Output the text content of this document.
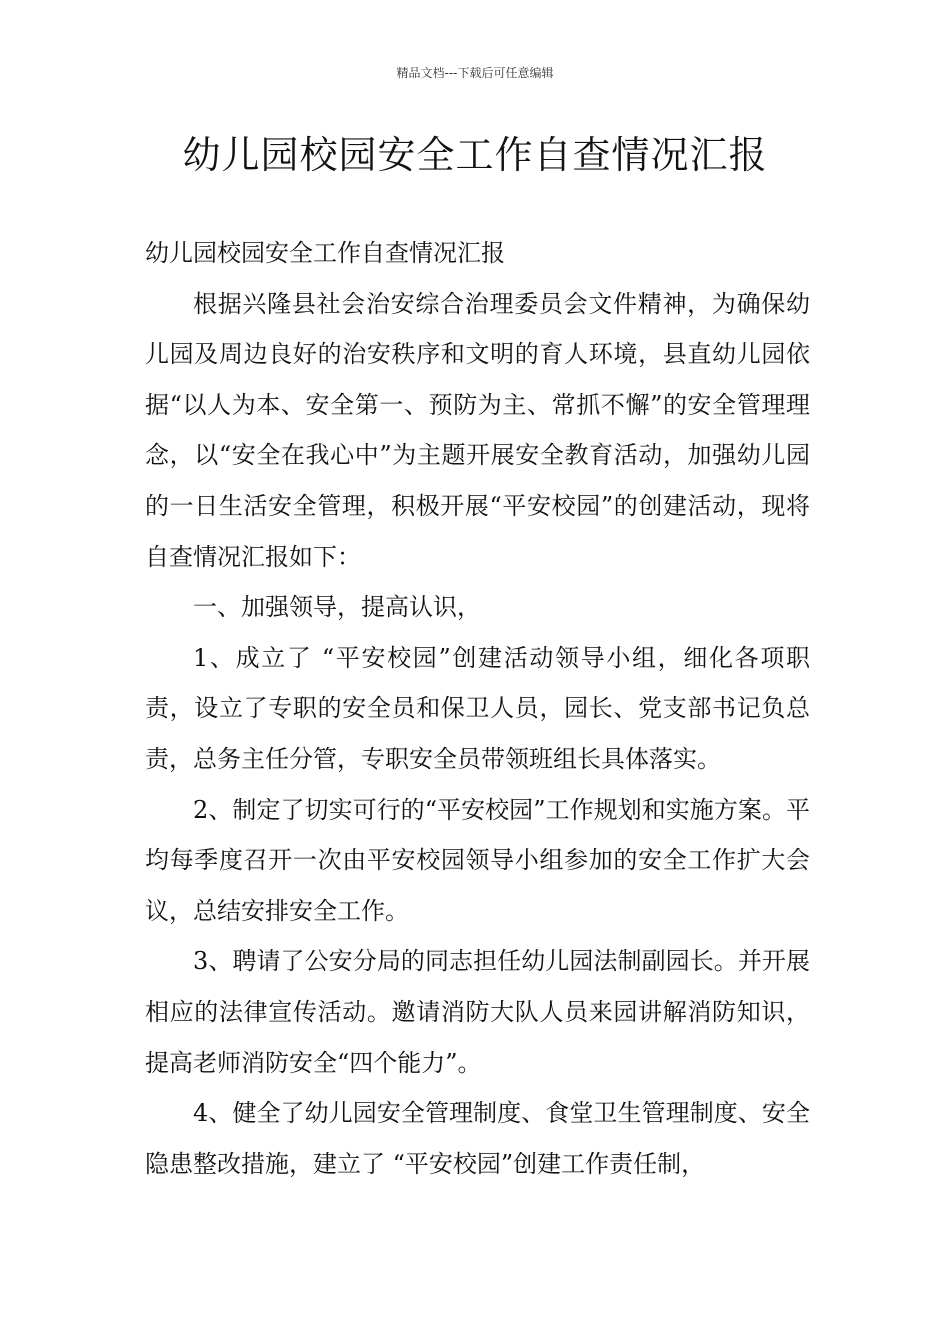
精品文档---下载后可任意编辑
幼儿园校园安全工作自查情况汇报

幼儿园校园安全工作自查情况汇报

根据兴隆县社会治安综合治理委员会文件精神，为确保幼儿园及周边良好的治安秩序和文明的育人环境，县直幼儿园依据“以人为本、安全第一、预防为主、常抓不懈”的安全管理理念，以“安全在我心中”为主题开展安全教育活动，加强幼儿园的一日生活安全管理，积极开展“平安校园”的创建活动，现将自查情况汇报如下：

一、加强领导，提高认识，

1、成立了 “平安校园”创建活动领导小组，细化各项职责，设立了专职的安全员和保卫人员，园长、党支部书记负总责，总务主任分管，专职安全员带领班组长具体落实。

2、制定了切实可行的“平安校园”工作规划和实施方案。平均每季度召开一次由平安校园领导小组参加的安全工作扩大会议，总结安排安全工作。

3、聘请了公安分局的同志担任幼儿园法制副园长。并开展相应的法律宣传活动。邀请消防大队人员来园讲解消防知识，提高老师消防安全“四个能力”。

4、健全了幼儿园安全管理制度、食堂卫生管理制度、安全隐患整改措施，建立了 “平安校园”创建工作责任制，
